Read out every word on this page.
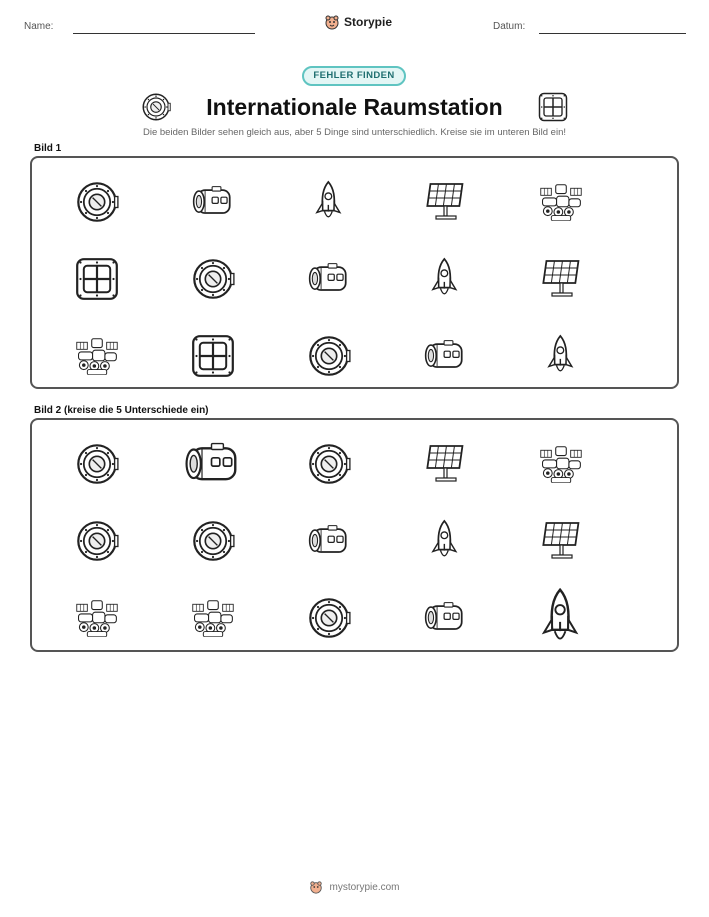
Name:	Storypie	Datum:
FEHLER FINDEN
Internationale Raumstation
Die beiden Bilder sehen gleich aus, aber 5 Dinge sind unterschiedlich. Kreise sie im unteren Bild ein!
Bild 1
Bild 2 (kreise die 5 Unterschiede ein)
mystorypie.com
